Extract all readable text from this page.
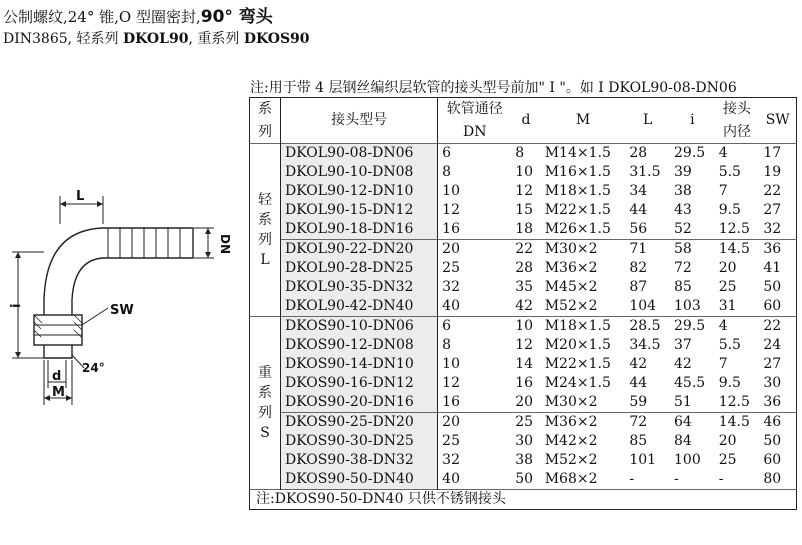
公制螺纹,24° 锥,O 型圈密封,90° 弯头
DIN3865, 轻系列 DKOL90, 重系列 DKOS90
注:用于带 4 层钢丝编织层软管的接头型号前加" I "。如 I DKOL90-08-DN06
L
DN
i	SW
24°
d
M
系	接头型号	软管通径	d	M	L	i	接头	SW
列		DN					内径	

轻
系
列
L	DKOL90-08-DN06	6	8	M14×1.5	28	29.5	4	17
	DKOL90-10-DN08	8	10	M16×1.5	31.5	39	5.5	19
	DKOL90-12-DN10	10	12	M18×1.5	34	38	7	22
	DKOL90-15-DN12	12	15	M22×1.5	44	43	9.5	27
	DKOL90-18-DN16	16	18	M26×1.5	56	52	12.5	32
	DKOL90-22-DN20	20	22	M30×2	71	58	14.5	36
	DKOL90-28-DN25	25	28	M36×2	82	72	20	41
	DKOL90-35-DN32	32	35	M45×2	87	85	25	50
	DKOL90-42-DN40	40	42	M52×2	104	103	31	60

重
系
列
S	DKOS90-10-DN06	6	10	M18×1.5	28.5	29.5	4	22
	DKOS90-12-DN08	8	12	M20×1.5	34.5	37	5.5	24
	DKOS90-14-DN10	10	14	M22×1.5	42	42	7	27
	DKOS90-16-DN12	12	16	M24×1.5	44	45.5	9.5	30
	DKOS90-20-DN16	16	20	M30×2	59	51	12.5	36
	DKOS90-25-DN20	20	25	M36×2	72	64	14.5	46
	DKOS90-30-DN25	25	30	M42×2	85	84	20	50
	DKOS90-38-DN32	32	38	M52×2	101	100	25	60
	DKOS90-50-DN40	40	50	M68×2	-	-	-	80
注:DKOS90-50-DN40 只供不锈钢接头								
